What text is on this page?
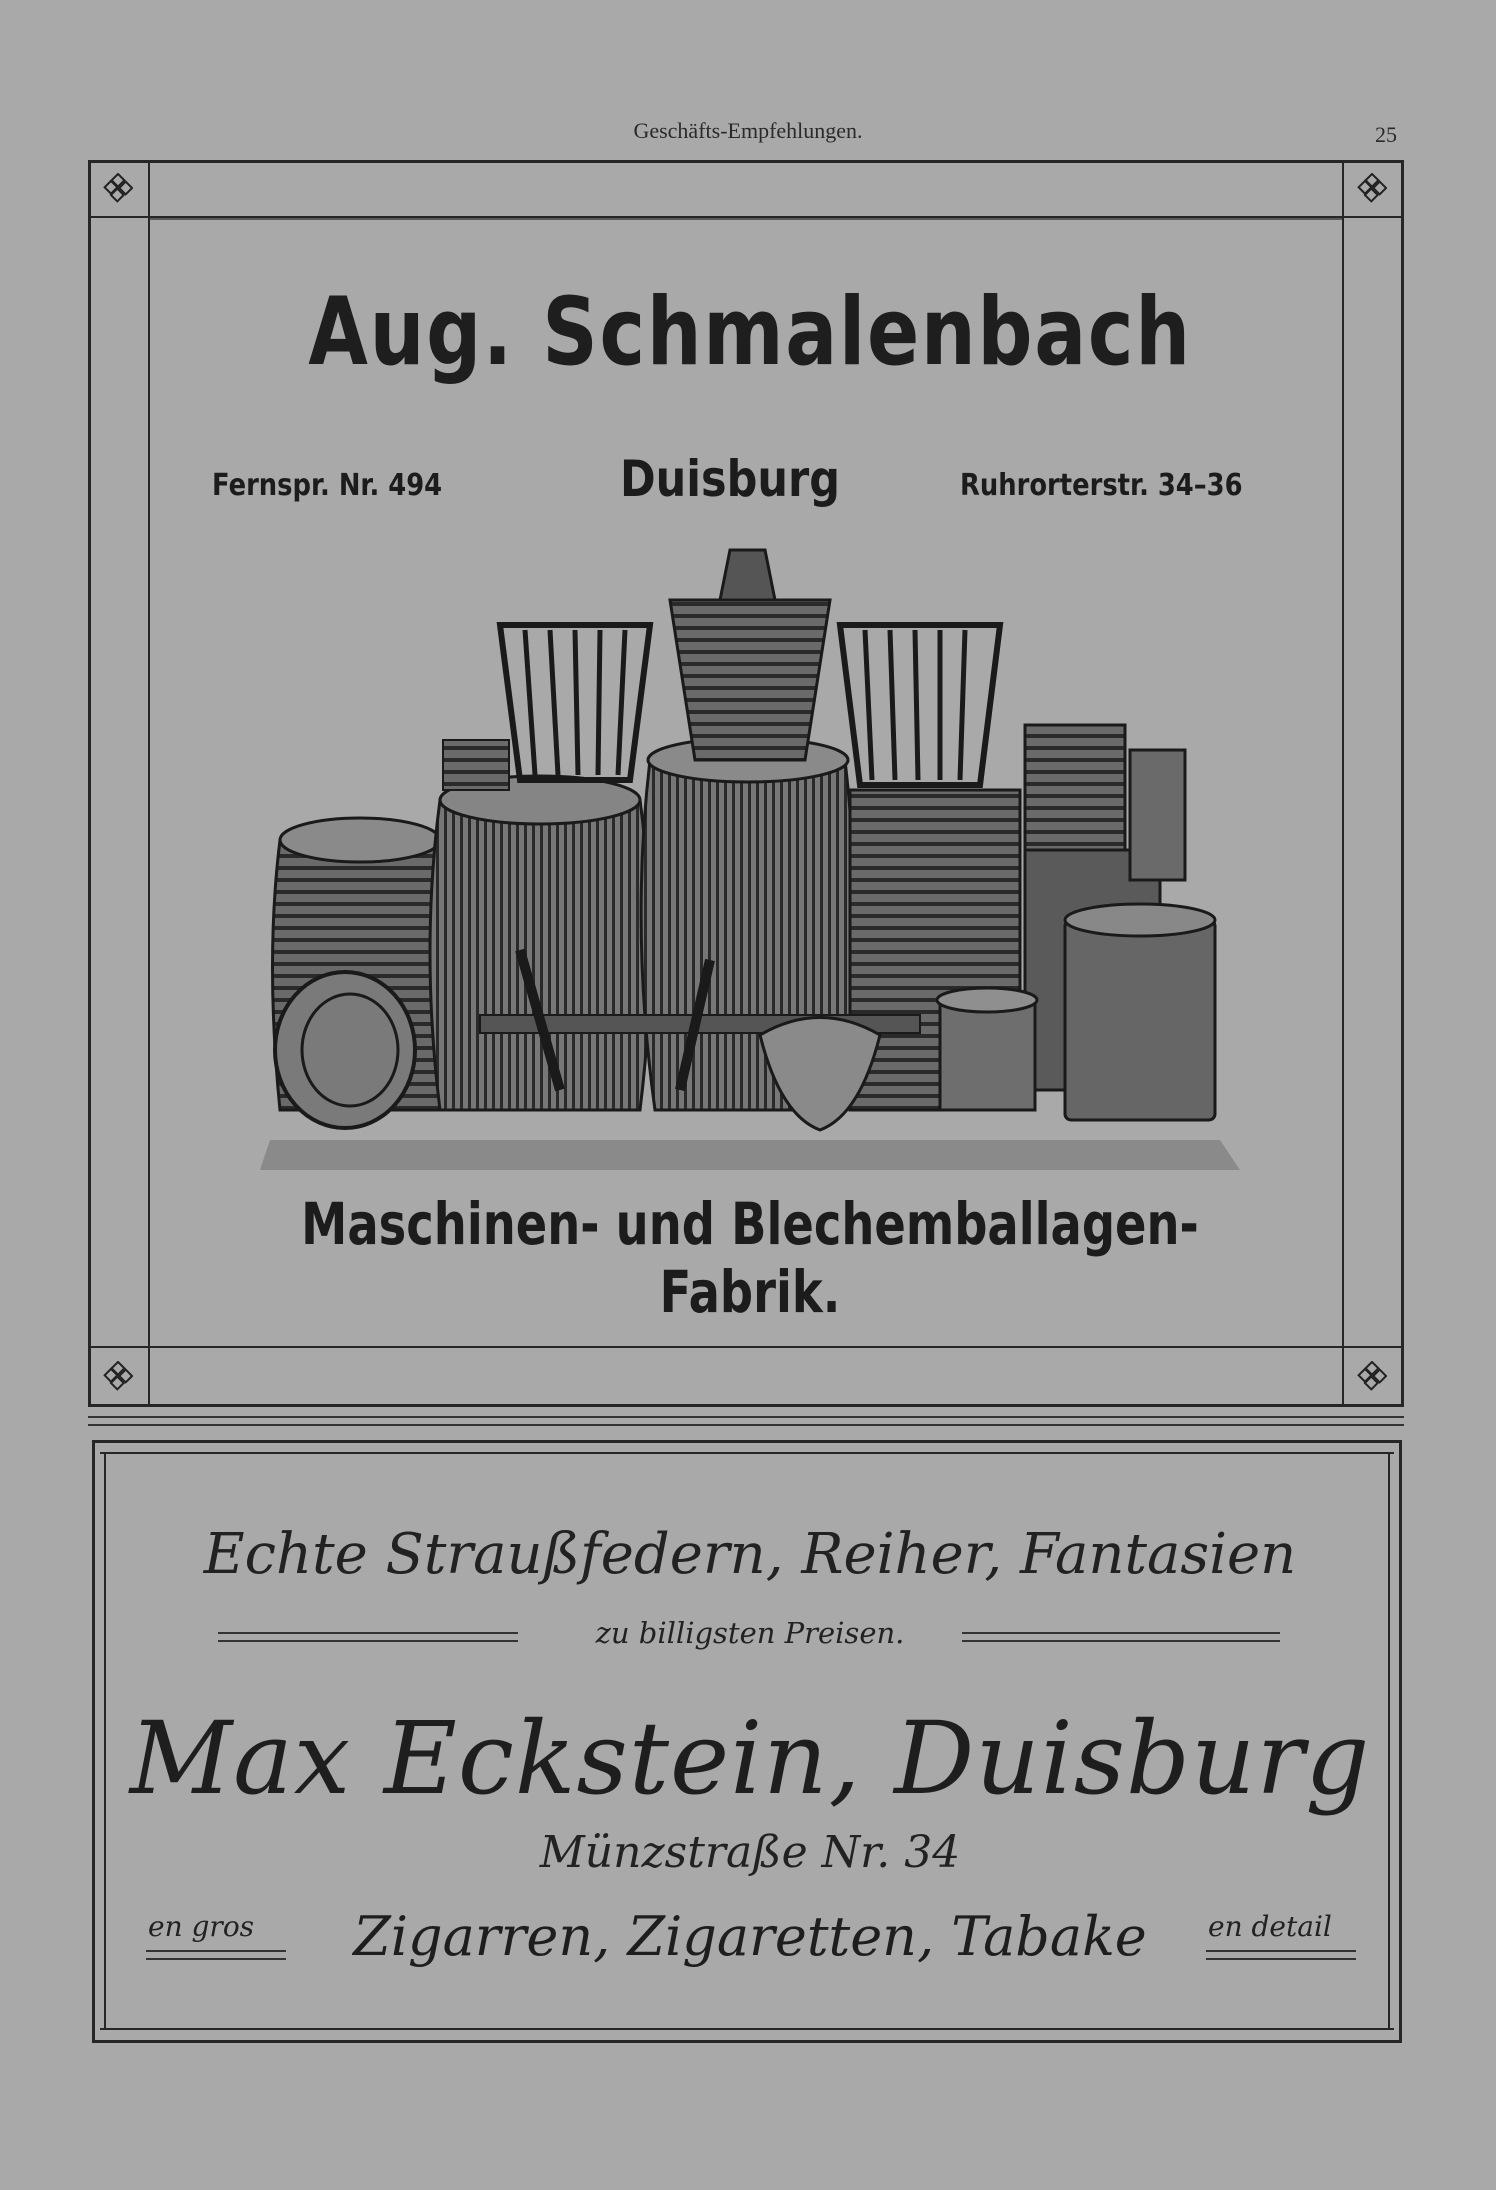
Geschäfts-Empfehlungen.	25
Aug. Schmalenbach
Fernspr. Nr. 494	Duisburg	Ruhrorterstr. 34–36
Maschinen- und Blechemballagen-Fabrik.
Echte Straußfedern, Reiher, Fantasien
zu billigsten Preisen.
Max Eckstein, Duisburg
Münzstraße Nr. 34
en gros	Zigarren, Zigaretten, Tabake	en detail
